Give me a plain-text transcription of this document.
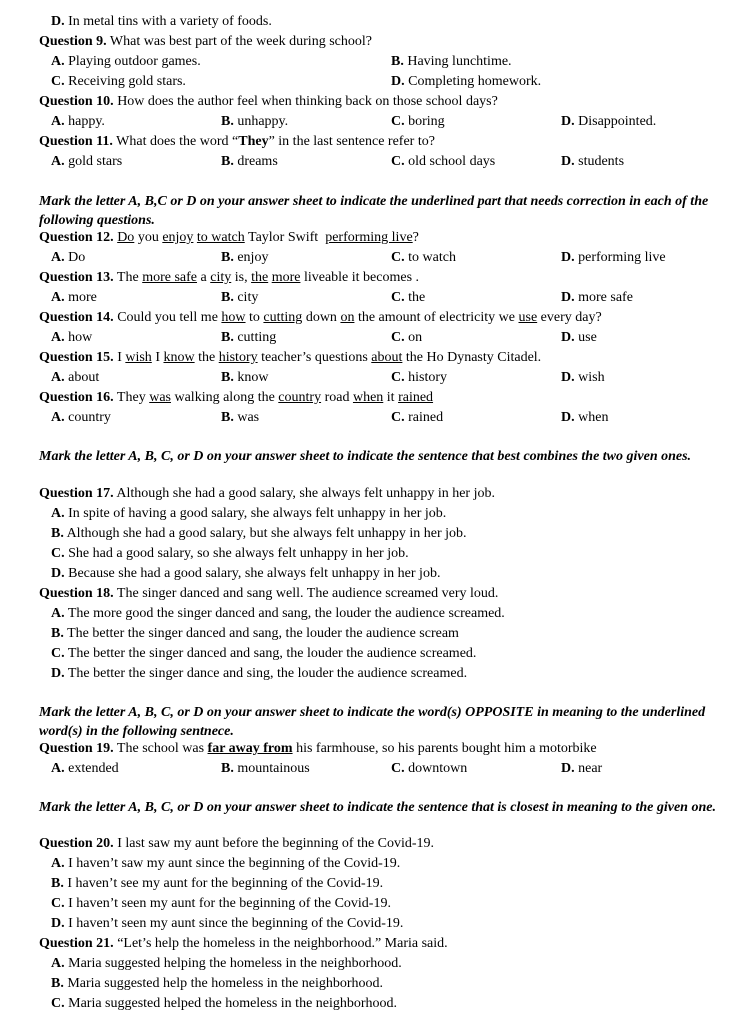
D. In metal tins with a variety of foods.
Question 9. What was best part of the week during school?
A. Playing outdoor games.	B. Having lunchtime.
C. Receiving gold stars.	D. Completing homework.
Question 10. How does the author feel when thinking back on those school days?
A. happy.	B. unhappy.	C. boring	D. Disappointed.
Question 11. What does the word “They” in the last sentence refer to?
A. gold stars	B. dreams	C. old school days	D. students
Mark the letter A, B,C or D on your answer sheet to indicate the underlined part that needs correction in each of the following questions.
Question 12. Do you enjoy to watch Taylor Swift  performing live?
A. Do	B. enjoy	C. to watch	D. performing live
Question 13. The more safe a city is, the more liveable it becomes .
A. more	B. city	C. the	D. more safe
Question 14. Could you tell me how to cutting down on the amount of electricity we use every day?
A. how	B. cutting	C. on	D. use
Question 15. I wish I know the history teacher’s questions about the Ho Dynasty Citadel.
A. about	B. know	C. history	D. wish
Question 16. They was walking along the country road when it rained
A. country	B. was	C. rained	D. when
Mark the letter A, B, C, or D on your answer sheet to indicate the sentence that best combines the two given ones.
Question 17. Although she had a good salary, she always felt unhappy in her job.
A. In spite of having a good salary, she always felt unhappy in her job.
B. Although she had a good salary, but she always felt unhappy in her job.
C. She had a good salary, so she always felt unhappy in her job.
D. Because she had a good salary, she always felt unhappy in her job.
Question 18. The singer danced and sang well. The audience screamed very loud.
A. The more good the singer danced and sang, the louder the audience screamed.
B. The better the singer danced and sang, the louder the audience scream
C. The better the singer danced and sang, the louder the audience screamed.
D. The better the singer dance and sing, the louder the audience screamed.
Mark the letter A, B, C, or D on your answer sheet to indicate the word(s) OPPOSITE in meaning to the underlined word(s) in the following sentnece.
Question 19. The school was far away from his farmhouse, so his parents bought him a motorbike
A. extended	B. mountainous	C. downtown	D. near
Mark the letter A, B, C, or D on your answer sheet to indicate the sentence that is closest in meaning to the given one.
Question 20. I last saw my aunt before the beginning of the Covid-19.
A. I haven’t saw my aunt since the beginning of the Covid-19.
B. I haven’t see my aunt for the beginning of the Covid-19.
C. I haven’t seen my aunt for the beginning of the Covid-19.
D. I haven’t seen my aunt since the beginning of the Covid-19.
Question 21. “Let’s help the homeless in the neighborhood.” Maria said.
A. Maria suggested helping the homeless in the neighborhood.
B. Maria suggested help the homeless in the neighborhood.
C. Maria suggested helped the homeless in the neighborhood.
